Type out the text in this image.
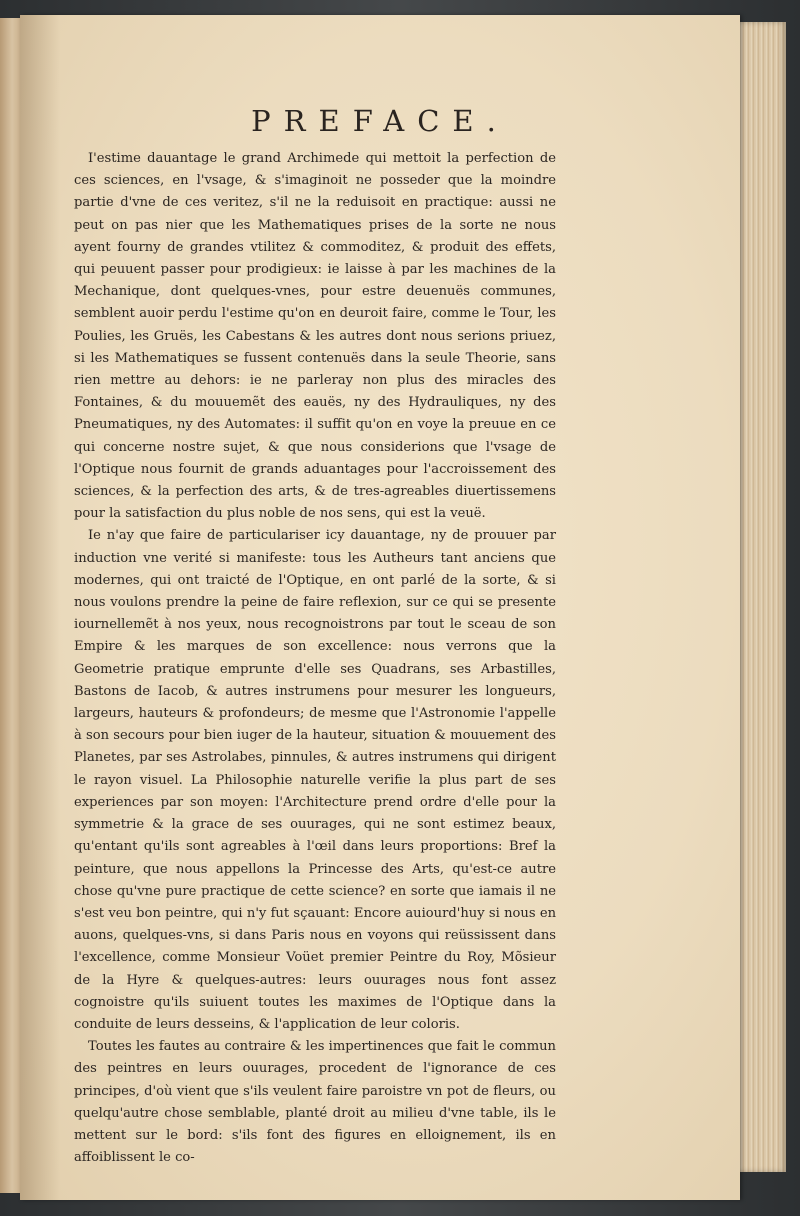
PREFACE.

I'estime dauantage le grand Archimede qui mettoit la perfection de ces sciences, en l'vsage, & s'imaginoit ne posseder que la moindre partie d'vne de ces veritez, s'il ne la reduisoit en practique: aussi ne peut on pas nier que les Mathematiques prises de la sorte ne nous ayent fourny de grandes vtilitez & commoditez, & produit des effets, qui peuuent passer pour prodigieux: ie laisse à par les machines de la Mechanique, dont quelques-vnes, pour estre deuenuës communes, semblent auoir perdu l'estime qu'on en deuroit faire, comme le Tour, les Poulies, les Gruës, les Cabestans & les autres dont nous serions priuez, si les Mathematiques se fussent contenuës dans la seule Theorie, sans rien mettre au dehors: ie ne parleray non plus des miracles des Fontaines, & du mouuemẽt des eauës, ny des Hydrauliques, ny des Pneumatiques, ny des Automates: il suffit qu'on en voye la preuue en ce qui concerne nostre sujet, & que nous considerions que l'vsage de l'Optique nous fournit de grands aduantages pour l'accroissement des sciences, & la perfection des arts, & de tres-agreables diuertissemens pour la satisfaction du plus noble de nos sens, qui est la veuë.

Ie n'ay que faire de particulariser icy dauantage, ny de prouuer par induction vne verité si manifeste: tous les Autheurs tant anciens que modernes, qui ont traicté de l'Optique, en ont parlé de la sorte, & si nous voulons prendre la peine de faire reflexion, sur ce qui se presente iournellemẽt à nos yeux, nous recognoistrons par tout le sceau de son Empire & les marques de son excellence: nous verrons que la Geometrie pratique emprunte d'elle ses Quadrans, ses Arbastilles, Bastons de Iacob, & autres instrumens pour mesurer les longueurs, largeurs, hauteurs & profondeurs; de mesme que l'Astronomie l'appelle à son secours pour bien iuger de la hauteur, situation & mouuement des Planetes, par ses Astrolabes, pinnules, & autres instrumens qui dirigent le rayon visuel. La Philosophie naturelle verifie la plus part de ses experiences par son moyen: l'Architecture prend ordre d'elle pour la symmetrie & la grace de ses ouurages, qui ne sont estimez beaux, qu'entant qu'ils sont agreables à l'œil dans leurs proportions: Bref la peinture, que nous appellons la Princesse des Arts, qu'est-ce autre chose qu'vne pure practique de cette science? en sorte que iamais il ne s'est veu bon peintre, qui n'y fut sçauant: Encore auiourd'huy si nous en auons, quelques-vns, si dans Paris nous en voyons qui reüssissent dans l'excellence, comme Monsieur Voüet premier Peintre du Roy, Mõsieur de la Hyre & quelques-autres: leurs ouurages nous font assez cognoistre qu'ils suiuent toutes les maximes de l'Optique dans la conduite de leurs desseins, & l'application de leur coloris.

Toutes les fautes au contraire & les impertinences que fait le commun des peintres en leurs ouurages, procedent de l'ignorance de ces principes, d'où vient que s'ils veulent faire paroistre vn pot de fleurs, ou quelqu'autre chose semblable, planté droit au milieu d'vne table, ils le mettent sur le bord: s'ils font des figures en elloignement, ils en affoiblissent le co-
